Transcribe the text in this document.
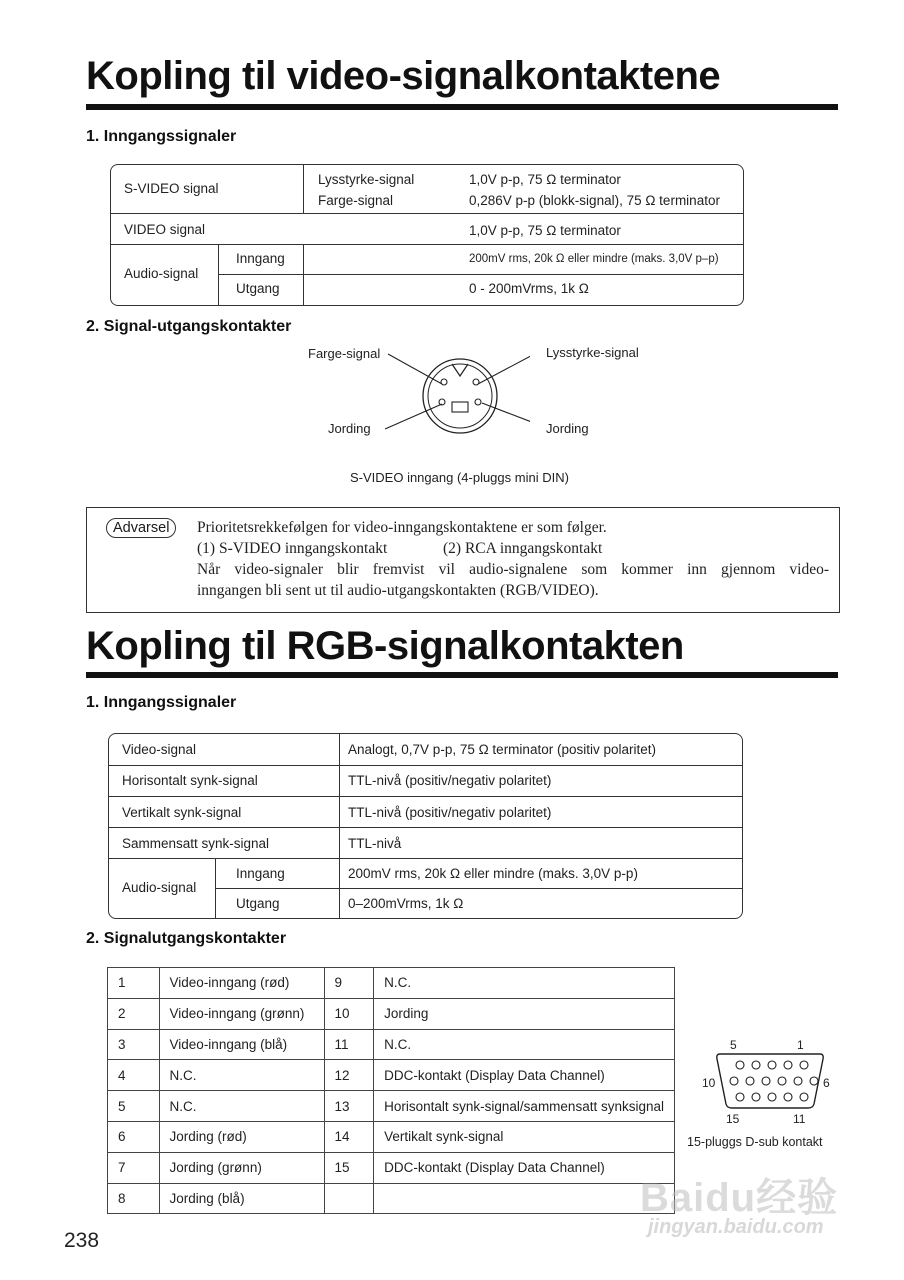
Kopling til video-signalkontaktene
1. Inngangssignaler
S-VIDEO signal
Lysstyrke-signal	1,0V p-p, 75 Ω terminator
Farge-signal	0,286V p-p (blokk-signal), 75 Ω terminator
VIDEO signal	1,0V p-p, 75 Ω terminator
Audio-signal
Inngang	200mV rms, 20k Ω eller mindre (maks. 3,0V p–p)
Utgang	0 - 200mVrms, 1k Ω
2. Signal-utgangskontakter
Farge-signal	Lysstyrke-signal
Jording	Jording
S-VIDEO inngang (4-pluggs mini DIN)
Advarsel	Prioritetsrekkefølgen for video-inngangskontaktene er som følger.
(1) S-VIDEO inngangskontakt	(2) RCA inngangskontakt
Når video-signaler blir fremvist vil audio-signalene som kommer inn gjennom video-
inngangen bli sent ut til audio-utgangskontakten (RGB/VIDEO).
Kopling til RGB-signalkontakten
1. Inngangssignaler
Video-signal	Analogt, 0,7V p-p, 75 Ω terminator (positiv polaritet)
Horisontalt synk-signal	TTL-nivå (positiv/negativ polaritet)
Vertikalt synk-signal	TTL-nivå (positiv/negativ polaritet)
Sammensatt synk-signal	TTL-nivå
Audio-signal
Inngang	200mV rms, 20k Ω eller mindre (maks. 3,0V p-p)
Utgang	0–200mVrms, 1k Ω
2. Signalutgangskontakter
1	Video-inngang (rød)	9	N.C.
2	Video-inngang (grønn)	10	Jording
3	Video-inngang (blå)	11	N.C.
4	N.C.	12	DDC-kontakt (Display Data Channel)
5	N.C.	13	Horisontalt synk-signal/sammensatt synksignal
6	Jording (rød)	14	Vertikalt synk-signal
7	Jording (grønn)	15	DDC-kontakt (Display Data Channel)
8	Jording (blå)		
5	1
10	6
15	11
15-pluggs D-sub kontakt
238
Baidu经验
jingyan.baidu.com
